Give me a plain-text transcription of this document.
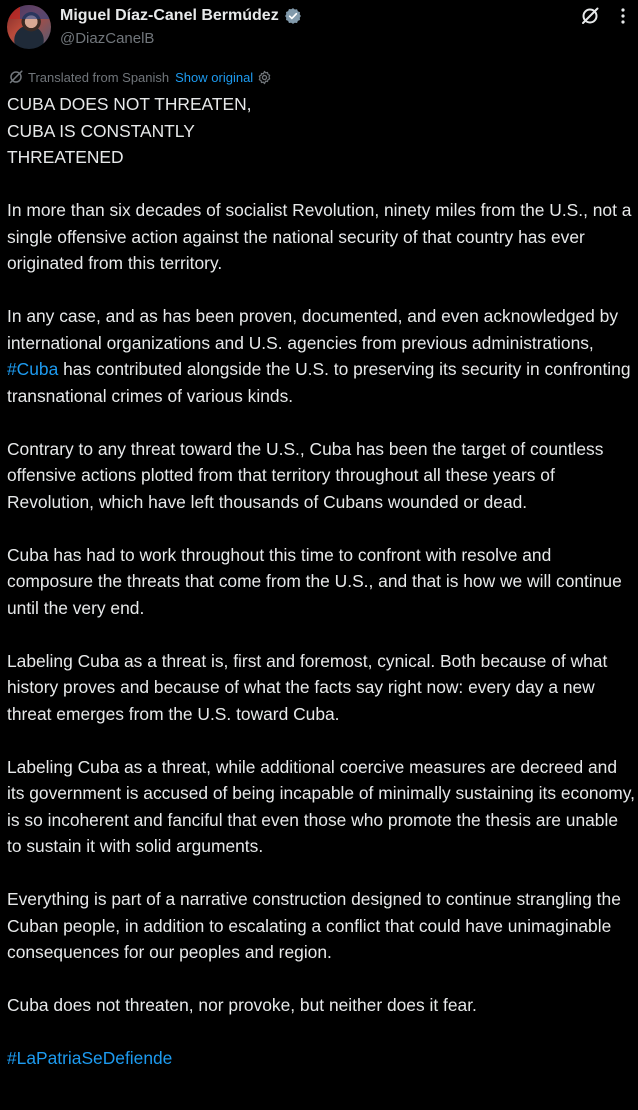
Miguel Díaz-Canel Bermúdez
@DiazCanelB
Translated from Spanish Show original

CUBA DOES NOT THREATEN,
CUBA IS CONSTANTLY
THREATENED

In more than six decades of socialist Revolution, ninety miles from the U.S., not a single offensive action against the national security of that country has ever originated from this territory.

In any case, and as has been proven, documented, and even acknowledged by international organizations and U.S. agencies from previous administrations, #Cuba has contributed alongside the U.S. to preserving its security in confronting transnational crimes of various kinds.

Contrary to any threat toward the U.S., Cuba has been the target of countless offensive actions plotted from that territory throughout all these years of Revolution, which have left thousands of Cubans wounded or dead.

Cuba has had to work throughout this time to confront with resolve and composure the threats that come from the U.S., and that is how we will continue until the very end.

Labeling Cuba as a threat is, first and foremost, cynical. Both because of what history proves and because of what the facts say right now: every day a new threat emerges from the U.S. toward Cuba.

Labeling Cuba as a threat, while additional coercive measures are decreed and its government is accused of being incapable of minimally sustaining its economy, is so incoherent and fanciful that even those who promote the thesis are unable to sustain it with solid arguments.

Everything is part of a narrative construction designed to continue strangling the Cuban people, in addition to escalating a conflict that could have unimaginable consequences for our peoples and region.

Cuba does not threaten, nor provoke, but neither does it fear.

#LaPatriaSeDefiende
